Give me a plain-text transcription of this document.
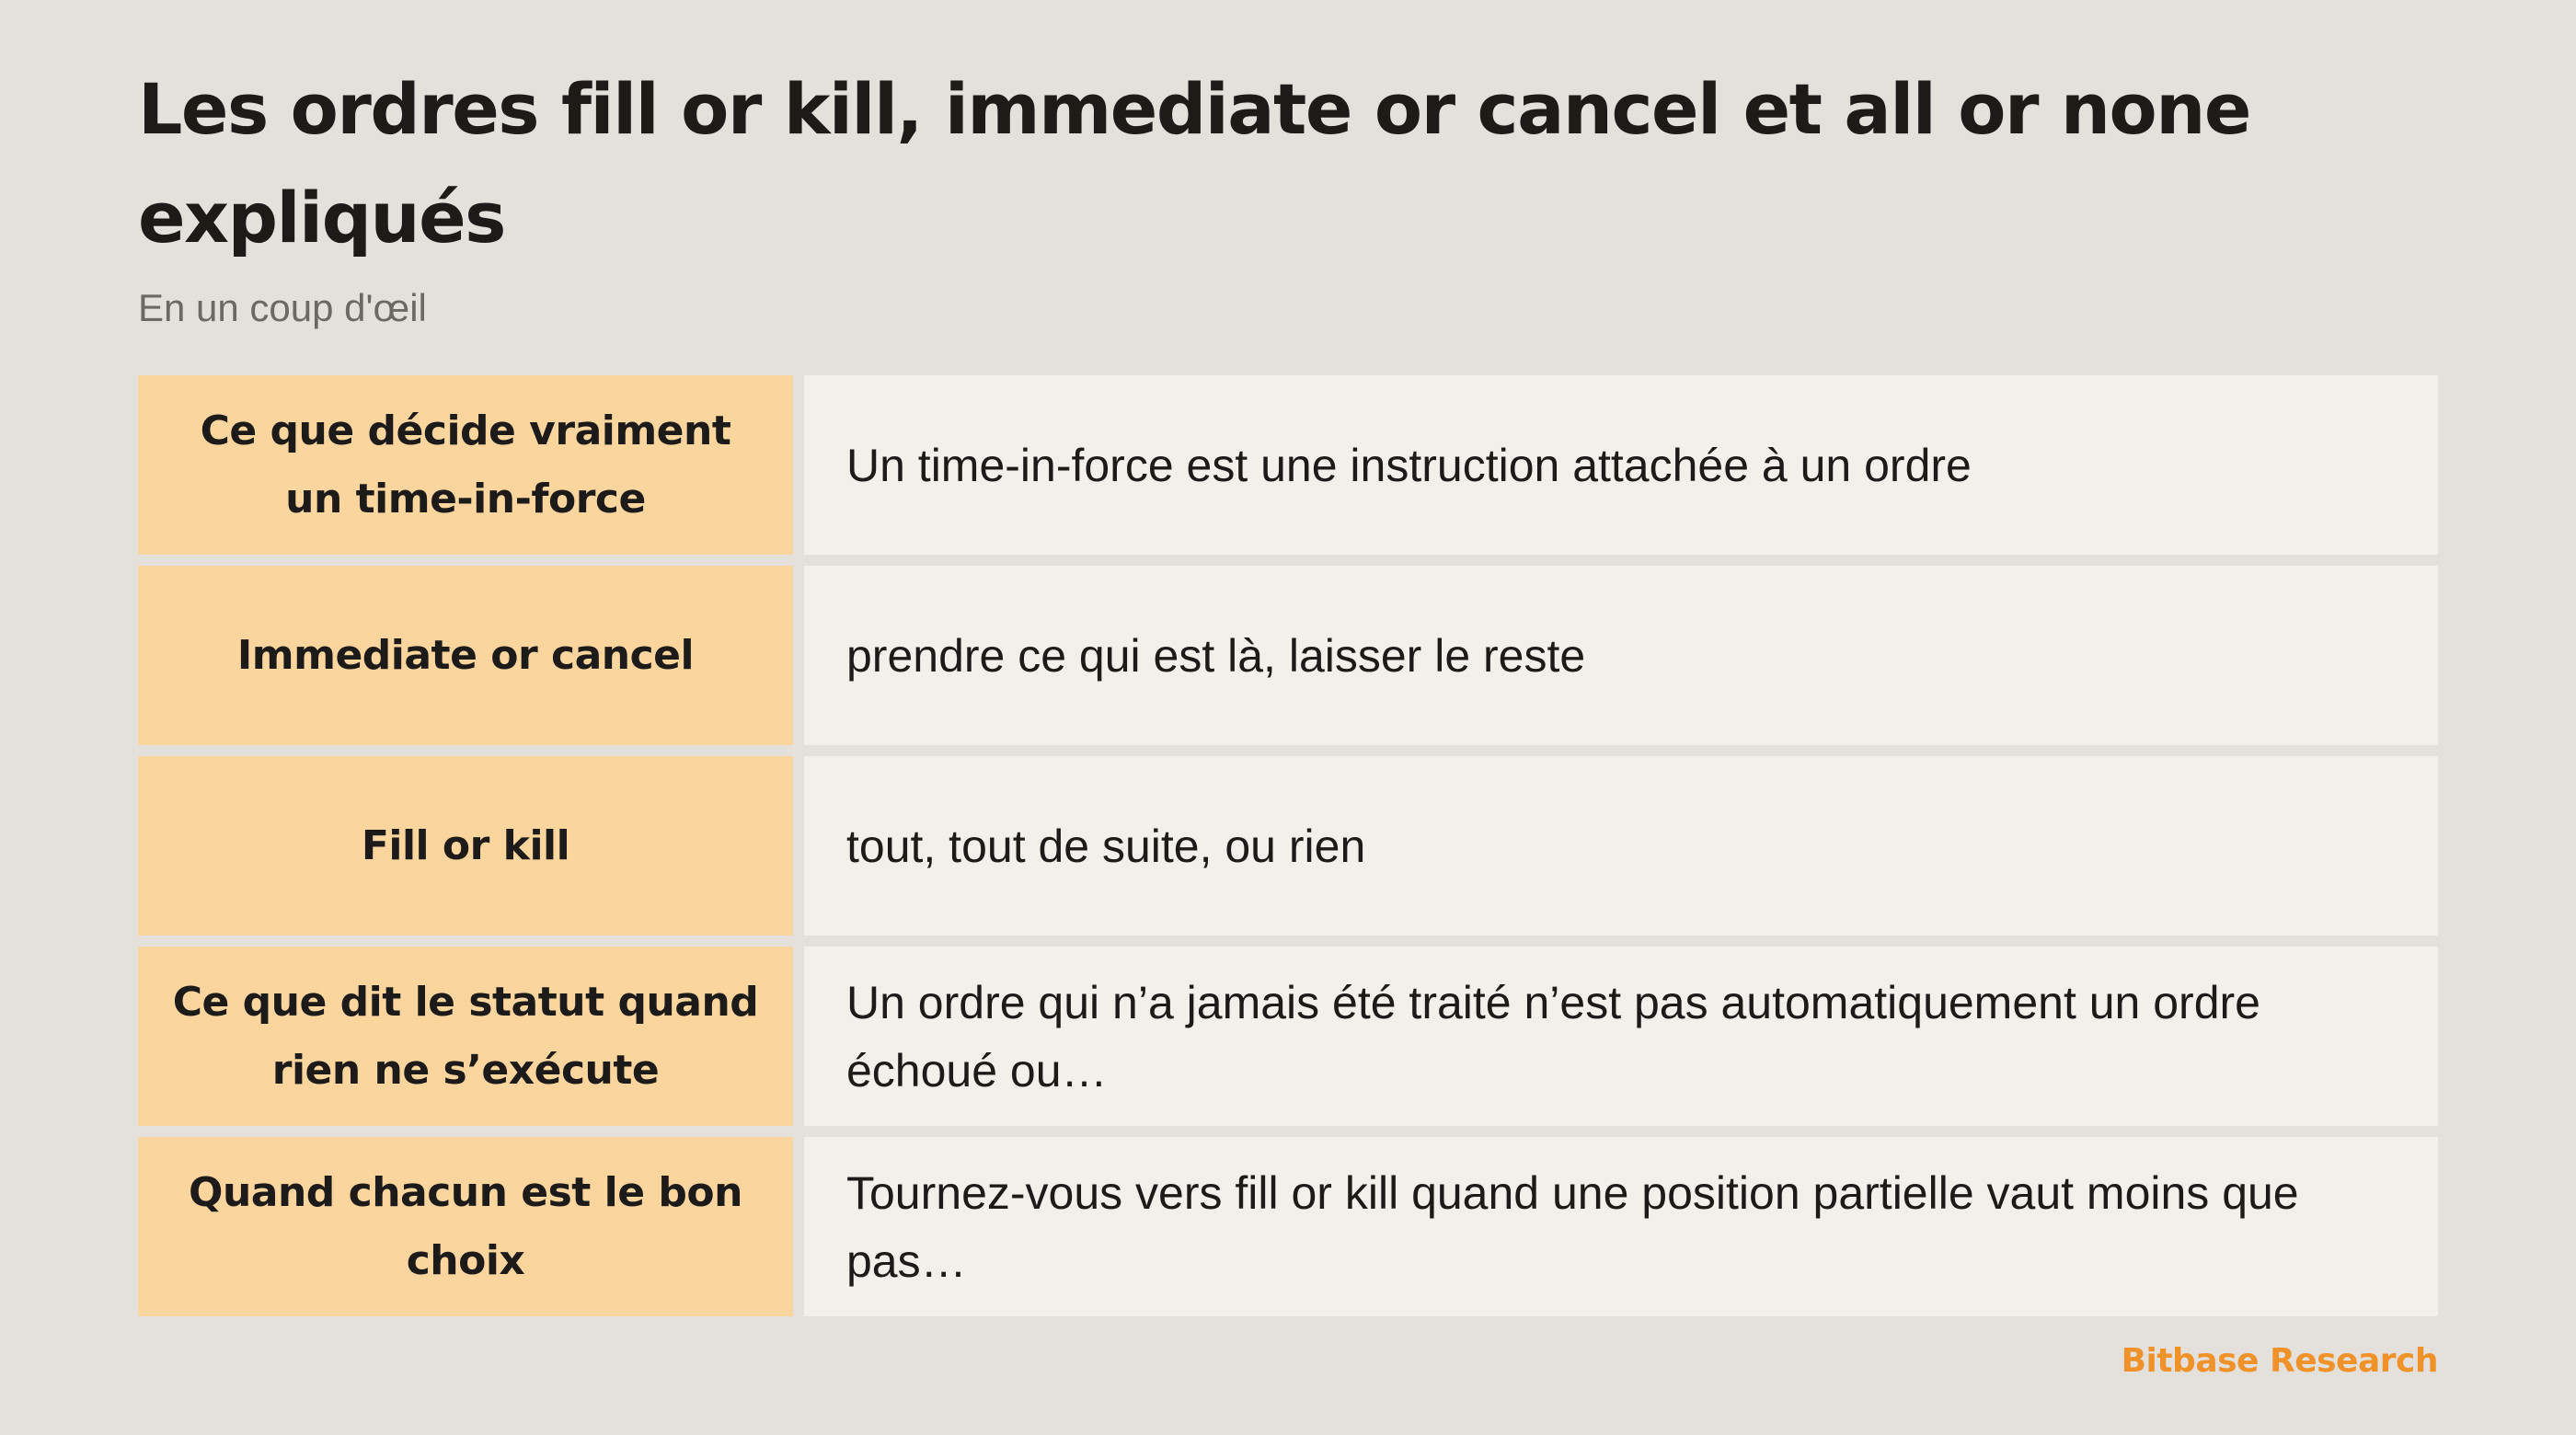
Les ordres fill or kill, immediate or cancel et all or none expliqués
En un coup d'œil
Ce que décide vraiment un time-in-force
Un time-in-force est une instruction attachée à un ordre
Immediate or cancel	prendre ce qui est là, laisser le reste
Fill or kill	tout, tout de suite, ou rien
Ce que dit le statut quand rien ne s’exécute
Un ordre qui n’a jamais été traité n’est pas automatiquement un ordre échoué ou…
Quand chacun est le bon choix
Tournez-vous vers fill or kill quand une position partielle vaut moins que pas…
Bitbase Research
